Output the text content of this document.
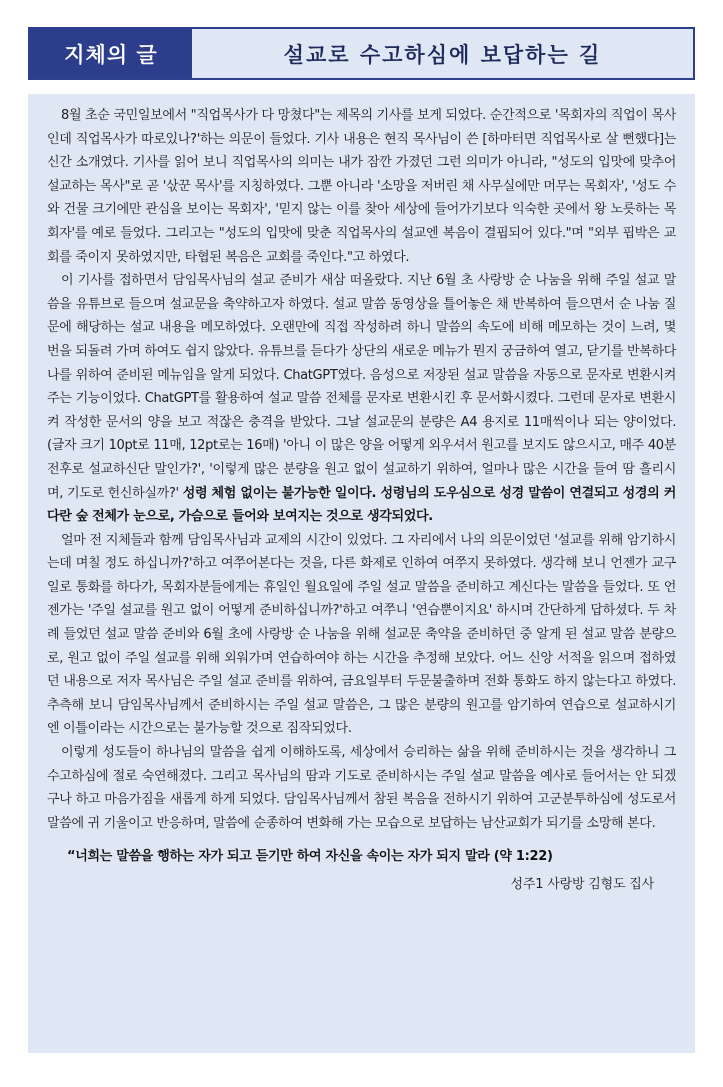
지체의 글	설교로 수고하심에 보답하는 길

8월 초순 국민일보에서 "직업목사가 다 망쳤다"는 제목의 기사를 보게 되었다. 순간적으로 '목회자의 직업이 목사인데 직업목사가 따로있나?'하는 의문이 들었다. 기사 내용은 현직 목사님이 쓴 [하마터면 직업목사로 살 뻔했다]는 신간 소개였다. 기사를 읽어 보니 직업목사의 의미는 내가 잠깐 가졌던 그런 의미가 아니라, "성도의 입맛에 맞추어 설교하는 목사"로 곧 '삯꾼 목사'를 지칭하였다. 그뿐 아니라 '소망을 저버린 채 사무실에만 머무는 목회자', '성도 수와 건물 크기에만 관심을 보이는 목회자', '믿지 않는 이를 찾아 세상에 들어가기보다 익숙한 곳에서 왕 노릇하는 목회자'를 예로 들었다. 그리고는 "성도의 입맛에 맞춘 직업목사의 설교엔 복음이 결핍되어 있다."며 "외부 핍박은 교회를 죽이지 못하였지만, 타협된 복음은 교회를 죽인다."고 하였다.

이 기사를 접하면서 담임목사님의 설교 준비가 새삼 떠올랐다. 지난 6월 초 사랑방 순 나눔을 위해 주일 설교 말씀을 유튜브로 들으며 설교문을 축약하고자 하였다. 설교 말씀 동영상을 틀어놓은 채 반복하여 들으면서 순 나눔 질문에 해당하는 설교 내용을 메모하였다. 오랜만에 직접 작성하려 하니 말씀의 속도에 비해 메모하는 것이 느려, 몇 번을 되돌려 가며 하여도 쉽지 않았다. 유튜브를 듣다가 상단의 새로운 메뉴가 뭔지 궁금하여 열고, 닫기를 반복하다 나를 위하여 준비된 메뉴임을 알게 되었다. ChatGPT였다. 음성으로 저장된 설교 말씀을 자동으로 문자로 변환시켜 주는 기능이었다. ChatGPT를 활용하여 설교 말씀 전체를 문자로 변환시킨 후 문서화시켰다. 그런데 문자로 변환시켜 작성한 문서의 양을 보고 적잖은 충격을 받았다. 그날 설교문의 분량은 A4 용지로 11매씩이나 되는 양이었다. (글자 크기 10pt로 11매, 12pt로는 16매) '아니 이 많은 양을 어떻게 외우셔서 원고를 보지도 않으시고, 매주 40분 전후로 설교하신단 말인가?', '이렇게 많은 분량을 원고 없이 설교하기 위하여, 얼마나 많은 시간을 들여 땀 흘리시며, 기도로 헌신하실까?' 성령 체험 없이는 불가능한 일이다. 성령님의 도우심으로 성경 말씀이 연결되고 성경의 커다란 숲 전체가 눈으로, 가슴으로 들어와 보여지는 것으로 생각되었다.

얼마 전 지체들과 함께 담임목사님과 교제의 시간이 있었다. 그 자리에서 나의 의문이었던 '설교를 위해 암기하시는데 며칠 정도 하십니까?'하고 여쭈어본다는 것을, 다른 화제로 인하여 여쭈지 못하였다. 생각해 보니 언젠가 교구 일로 통화를 하다가, 목회자분들에게는 휴일인 월요일에 주일 설교 말씀을 준비하고 계신다는 말씀을 들었다. 또 언젠가는 '주일 설교를 원고 없이 어떻게 준비하십니까?'하고 여쭈니 '연습뿐이지요' 하시며 간단하게 답하셨다. 두 차례 들었던 설교 말씀 준비와 6월 초에 사랑방 순 나눔을 위해 설교문 축약을 준비하던 중 알게 된 설교 말씀 분량으로, 원고 없이 주일 설교를 위해 외워가며 연습하여야 하는 시간을 추정해 보았다. 어느 신앙 서적을 읽으며 접하였던 내용으로 저자 목사님은 주일 설교 준비를 위하여, 금요일부터 두문불출하며 전화 통화도 하지 않는다고 하였다. 추측해 보니 담임목사님께서 준비하시는 주일 설교 말씀은, 그 많은 분량의 원고를 암기하여 연습으로 설교하시기엔 이틀이라는 시간으로는 불가능할 것으로 짐작되었다.

이렇게 성도들이 하나님의 말씀을 쉽게 이해하도록, 세상에서 승리하는 삶을 위해 준비하시는 것을 생각하니 그 수고하심에 절로 숙연해졌다. 그리고 목사님의 땀과 기도로 준비하시는 주일 설교 말씀을 예사로 들어서는 안 되겠구나 하고 마음가짐을 새롭게 하게 되었다. 담임목사님께서 참된 복음을 전하시기 위하여 고군분투하심에 성도로서 말씀에 귀 기울이고 반응하며, 말씀에 순종하여 변화해 가는 모습으로 보답하는 남산교회가 되기를 소망해 본다.

“너희는 말씀을 행하는 자가 되고 듣기만 하여 자신을 속이는 자가 되지 말라 (약 1:22)
성주1 사랑방 김형도 집사
